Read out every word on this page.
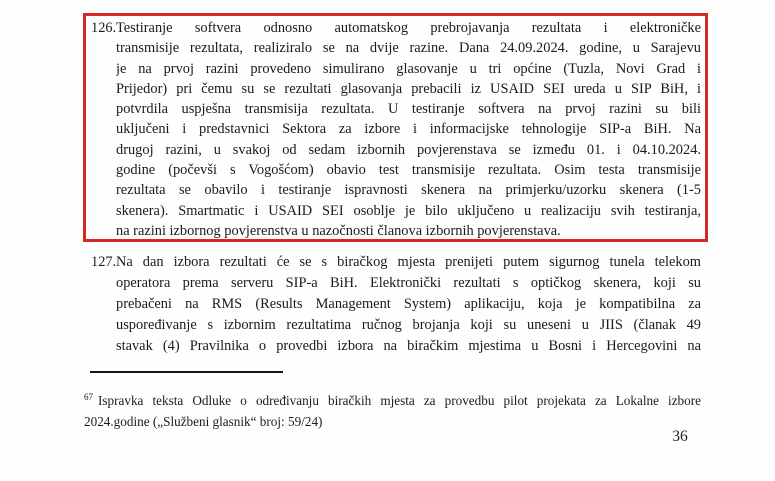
126. Testiranje softvera odnosno automatskog prebrojavanja rezultata i elektroničke
transmisije rezultata, realiziralo se na dvije razine. Dana 24.09.2024. godine, u Sarajevu
je na prvoj razini provedeno simulirano glasovanje u tri općine (Tuzla, Novi Grad i
Prijedor) pri čemu su se rezultati glasovanja prebacili iz USAID SEI ureda u SIP BiH, i
potvrdila uspješna transmisija rezultata. U testiranje softvera na prvoj razini su bili
uključeni i predstavnici Sektora za izbore i informacijske tehnologije SIP-a BiH. Na
drugoj razini, u svakoj od sedam izbornih povjerenstava se između 01. i 04.10.2024.
godine (počevši s Vogošćom) obavio test transmisije rezultata. Osim testa transmisije
rezultata se obavilo i testiranje ispravnosti skenera na primjerku/uzorku skenera (1-5
skenera). Smartmatic i USAID SEI osoblje je bilo uključeno u realizaciju svih testiranja,
na razini izbornog povjerenstva u nazočnosti članova izbornih povjerenstava.
127. Na dan izbora rezultati će se s biračkog mjesta prenijeti putem sigurnog tunela telekom
operatora prema serveru SIP-a BiH. Elektronički rezultati s optičkog skenera, koji su
prebačeni na RMS (Results Management System) aplikaciju, koja je kompatibilna za
uspoređivanje s izbornim rezultatima ručnog brojanja koji su uneseni u JIIS (članak 49
stavak (4) Pravilnika o provedbi izbora na biračkim mjestima u Bosni i Hercegovini na
$^{67}$ Ispravka teksta Odluke o određivanju biračkih mjesta za provedbu pilot projekata za Lokalne izbore
2024.godine („Službeni glasnik“ broj: 59/24)
36
